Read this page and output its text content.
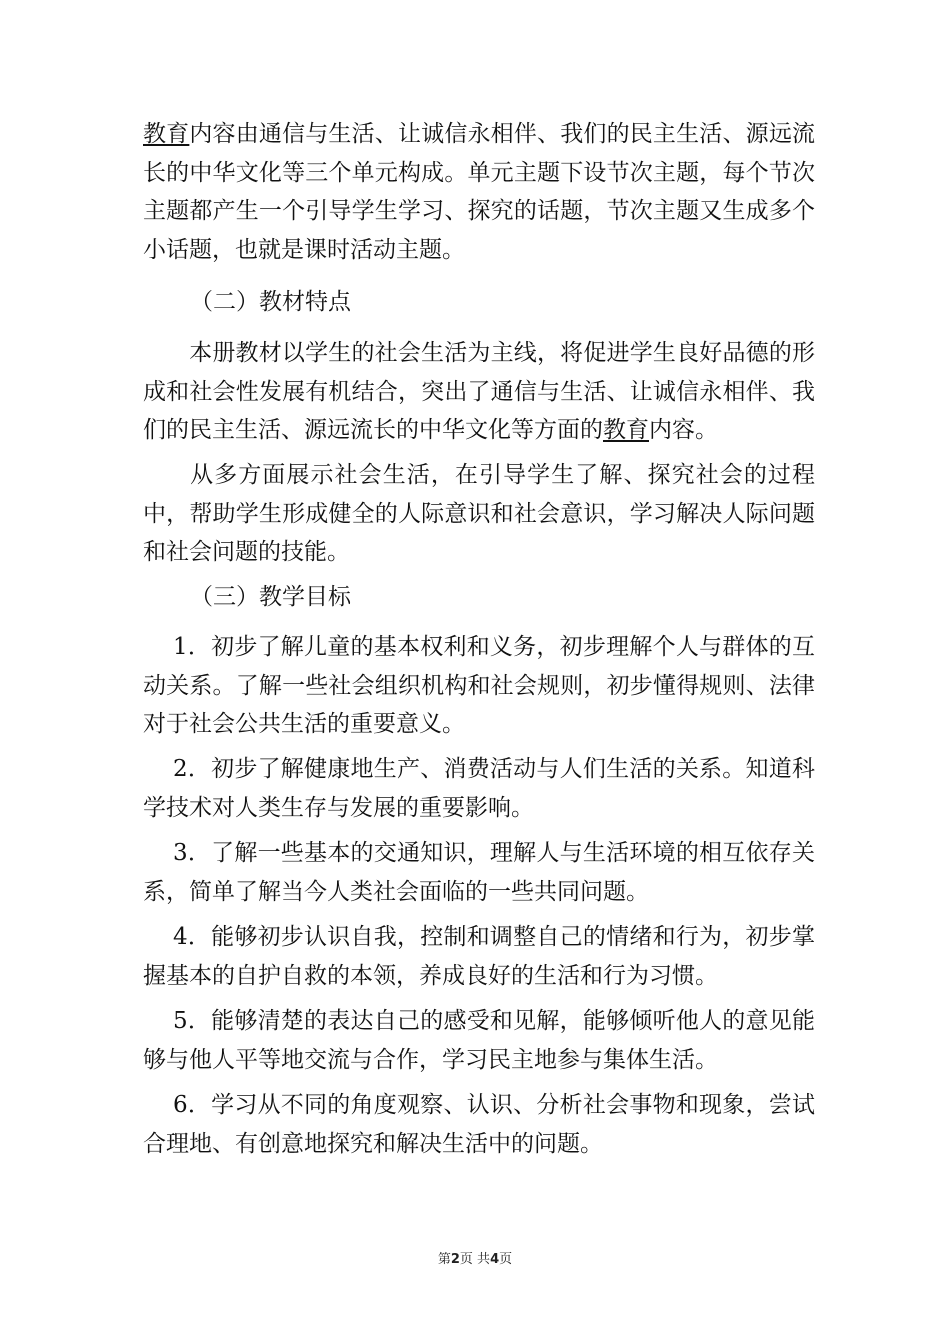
教育内容由通信与生活、让诚信永相伴、我们的民主生活、源远流长的中华文化等三个单元构成。单元主题下设节次主题，每个节次主题都产生一个引导学生学习、探究的话题，节次主题又生成多个小话题，也就是课时活动主题。

（二）教材特点

本册教材以学生的社会生活为主线，将促进学生良好品德的形成和社会性发展有机结合，突出了通信与生活、让诚信永相伴、我们的民主生活、源远流长的中华文化等方面的教育内容。

从多方面展示社会生活，在引导学生了解、探究社会的过程中，帮助学生形成健全的人际意识和社会意识，学习解决人际问题和社会问题的技能。

（三）教学目标

1．初步了解儿童的基本权利和义务，初步理解个人与群体的互动关系。了解一些社会组织机构和社会规则，初步懂得规则、法律对于社会公共生活的重要意义。

2．初步了解健康地生产、消费活动与人们生活的关系。知道科学技术对人类生存与发展的重要影响。

3．了解一些基本的交通知识，理解人与生活环境的相互依存关系，简单了解当今人类社会面临的一些共同问题。

4．能够初步认识自我，控制和调整自己的情绪和行为，初步掌握基本的自护自救的本领，养成良好的生活和行为习惯。

5．能够清楚的表达自己的感受和见解，能够倾听他人的意见能够与他人平等地交流与合作，学习民主地参与集体生活。

6．学习从不同的角度观察、认识、分析社会事物和现象，尝试合理地、有创意地探究和解决生活中的问题。

第2页 共4页
